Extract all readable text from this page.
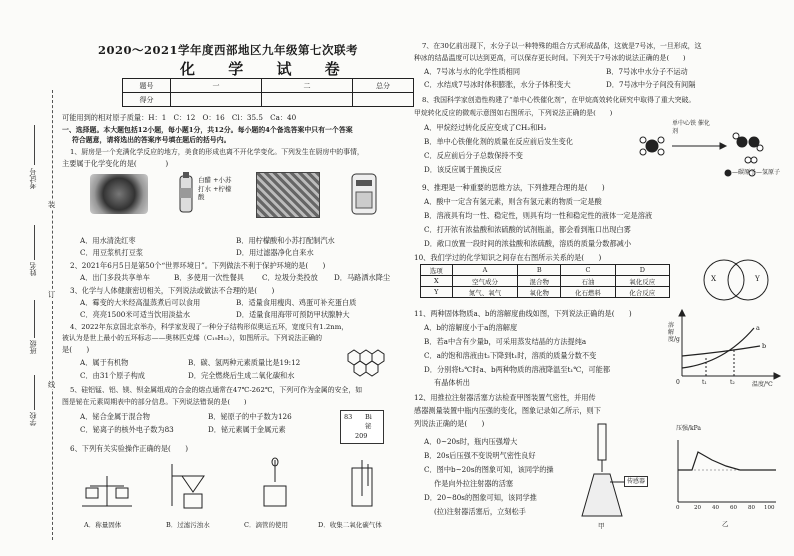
考试号
姓名
班级
学校
装
订
线
2020～2021学年度西部地区九年级第七次联考
化 学 试 卷
题号	一	二	总分
得分			
可能用到的相对原子质量：H：1　C：12　O：16　Cl：35.5　Ca：40
一、选择题。本大题包括12小题，每小题1分，共12分。每小题的4个备选答案中只有一个答案
符合题意，请将选出的答案序号填在题后的括号内。
1、厨房是一个充满化学反应的地方，美食的形成也离不开化学变化。下列发生在厨房中的事情，
主要属于化学变化的是(　　　　)
白醋 +小苏打水 +柠檬酸
A．用水清洗红枣	B．用柠檬酸和小苏打配制汽水
C．用豆浆机打豆浆	D．用过滤器净化自来水
2、2021年6月5日是第50个“世界环境日”。下列做法不利于保护环境的是(　　)
A．出门多段共享单车	B．多使用一次性餐具	C．垃圾分类投放 D．马路洒水降尘
3、化学与人体健康密切相关，下列说法或做法不合理的是(　　)
A．霉变的大米经高温蒸煮后可以食用	B．适量食用瘦肉、鸡蛋可补充蛋白质
C．亮亮1500米可适当饮用淡盐水	D．适量食用海带可预防甲状腺肿大
4、2022年东京国北京举办，科学家发现了一种分子结构形似奥运五环，宽度只有1.2nm，
被认为是世上最小的五环标志——奥林匹克烯（C₁₉H₁₂），如图所示。下列说法正确的
是(　　)
A．属于有机物	B．碳、氢两种元素质量比是19:12
C．由31个原子构成	D．完全燃烧后生成二氧化碳和水
5、硅铝锰、铝、镁、钡金属组成的合金的熔点通常在47℃-262℃，下列可作为金属的安全，如
图是铋在元素周期表中的部分信息。下列说法错误的是(　　)
A．铋合金属于混合物	B．铋原子的中子数为126
C．铋离子的核外电子数为83	D．铋元素属于金属元素
83 Bi
铋
209
6、下列有关实验操作正确的是(　　)
A．称量固体	B．过滤污浊水	C．滴管的使用	D．收集二氧化碳气体
7、在30亿前出现下，水分子以一种特殊的组合方式形成晶体，这就是7号冰，一旦形成，这
种冰的结晶温度可以达到更高，可以保存更长时间。下列关于7号冰的说法正确的是(　　)
A．7号冰与水的化学性质相同	B．7号冰中水分子不运动
C．水结成7号冰时体积膨胀，水分子体积变大	D．7号冰中分子间没有间隔
8、我国科学家创造性构建了“单中心铁催化剂”，在甲烷高效转化研究中取得了重大突破。
甲烷转化反应的微观示意图如右图所示，下列说法正确的是(　　)
A．甲烷经过转化反应变成了CH₂和H₂
B．单中心铁催化剂的质量在反应前后发生变化
C．反应前后分子总数保持不变
D．该反应属于置换反应
单中心铁 催化剂
—碳原子 —氢原子
9、推理是一种重要的思维方法，下列推理合理的是(　　)
A．酸中一定含有氢元素，则含有氢元素的物质一定是酸
B．溶液具有均一性、稳定性，则具有均一性和稳定性的液体一定是溶液
C．打开浓有浓盐酸和浓硫酸的试剂瓶盖，都会看到瓶口出现白雾
D．敞口放置一段时间的浓盐酸和浓硫酸，溶质的质量分数都减小
10、我们学过的化学知识之间存在右图所示关系的是(　　)
选项	A	B	C	D
X	空气成分	混合物	石油	氧化反应
Y	氮气、氧气	氧化物	化石燃料	化合反应
X	Y
11、两种固体物质a、b的溶解度曲线如图，下列说法正确的是(　　)
A．b的溶解度小于a的溶解度
B．若a中含有少量b，可采用蒸发结晶的方法提纯a
C．a的饱和溶液由t₂下降到t₁时，溶质的质量分数不变
D．分别将t₂℃时a、b两种物质的溶液降温至t₁℃，可能都
有晶体析出
溶解度/g
温度/℃
0	t₁	t₂
a
b
12、用推拉注射器活塞方法检查甲图装置气密性，并用传
感器测量装置中瓶内压强的变化，图象记录如乙所示，则下
列说法正确的是(　　)
A．0~20s时，瓶内压强增大
B．20s后压强不变说明气密性良好
C．图中b~20s的图象可知，该同学的操
作是向外拉注射器的活塞
D．20~80s的图象可知，该同学推
(拉)注射器活塞后，立刻松手
传感器
甲
压强/kPa
0	20 40 60 80 100
乙
